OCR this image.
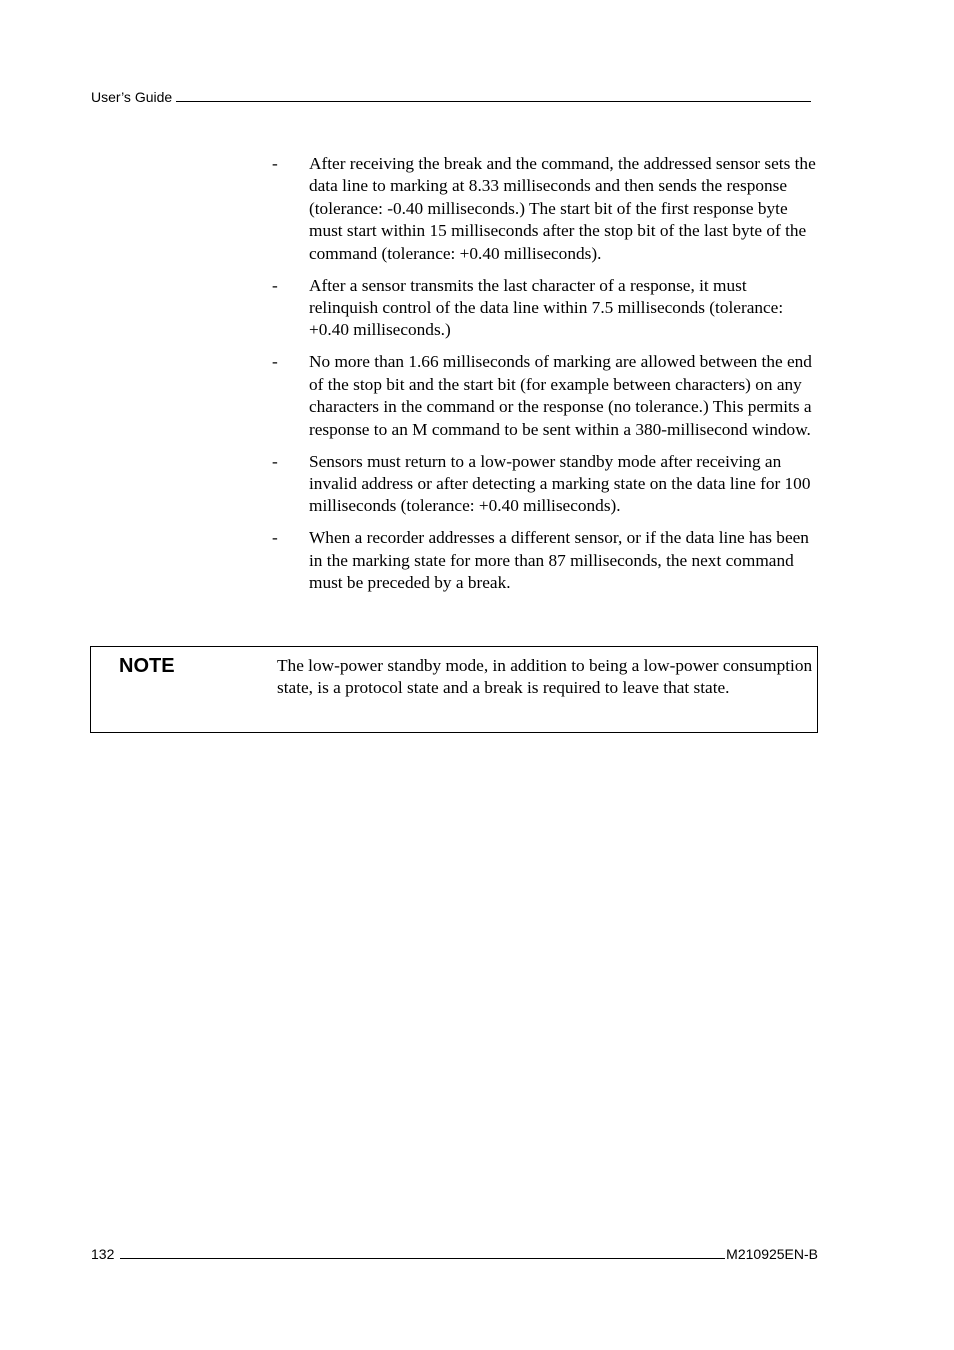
User’s Guide
- After receiving the break and the command, the addressed sensor sets the data line to marking at 8.33 milliseconds and then sends the response (tolerance: -0.40 milliseconds.) The start bit of the first response byte must start within 15 milliseconds after the stop bit of the last byte of the command (tolerance: +0.40 milliseconds).
- After a sensor transmits the last character of a response, it must relinquish control of the data line within 7.5 milliseconds (tolerance: +0.40 milliseconds.)
- No more than 1.66 milliseconds of marking are allowed between the end of the stop bit and the start bit (for example between characters) on any characters in the command or the response (no tolerance.) This permits a response to an M command to be sent within a 380-millisecond window.
- Sensors must return to a low-power standby mode after receiving an invalid address or after detecting a marking state on the data line for 100 milliseconds (tolerance: +0.40 milliseconds).
- When a recorder addresses a different sensor, or if the data line has been in the marking state for more than 87 milliseconds, the next command must be preceded by a break.
NOTE	The low-power standby mode, in addition to being a low-power consumption state, is a protocol state and a break is required to leave that state.
132	M210925EN-B
